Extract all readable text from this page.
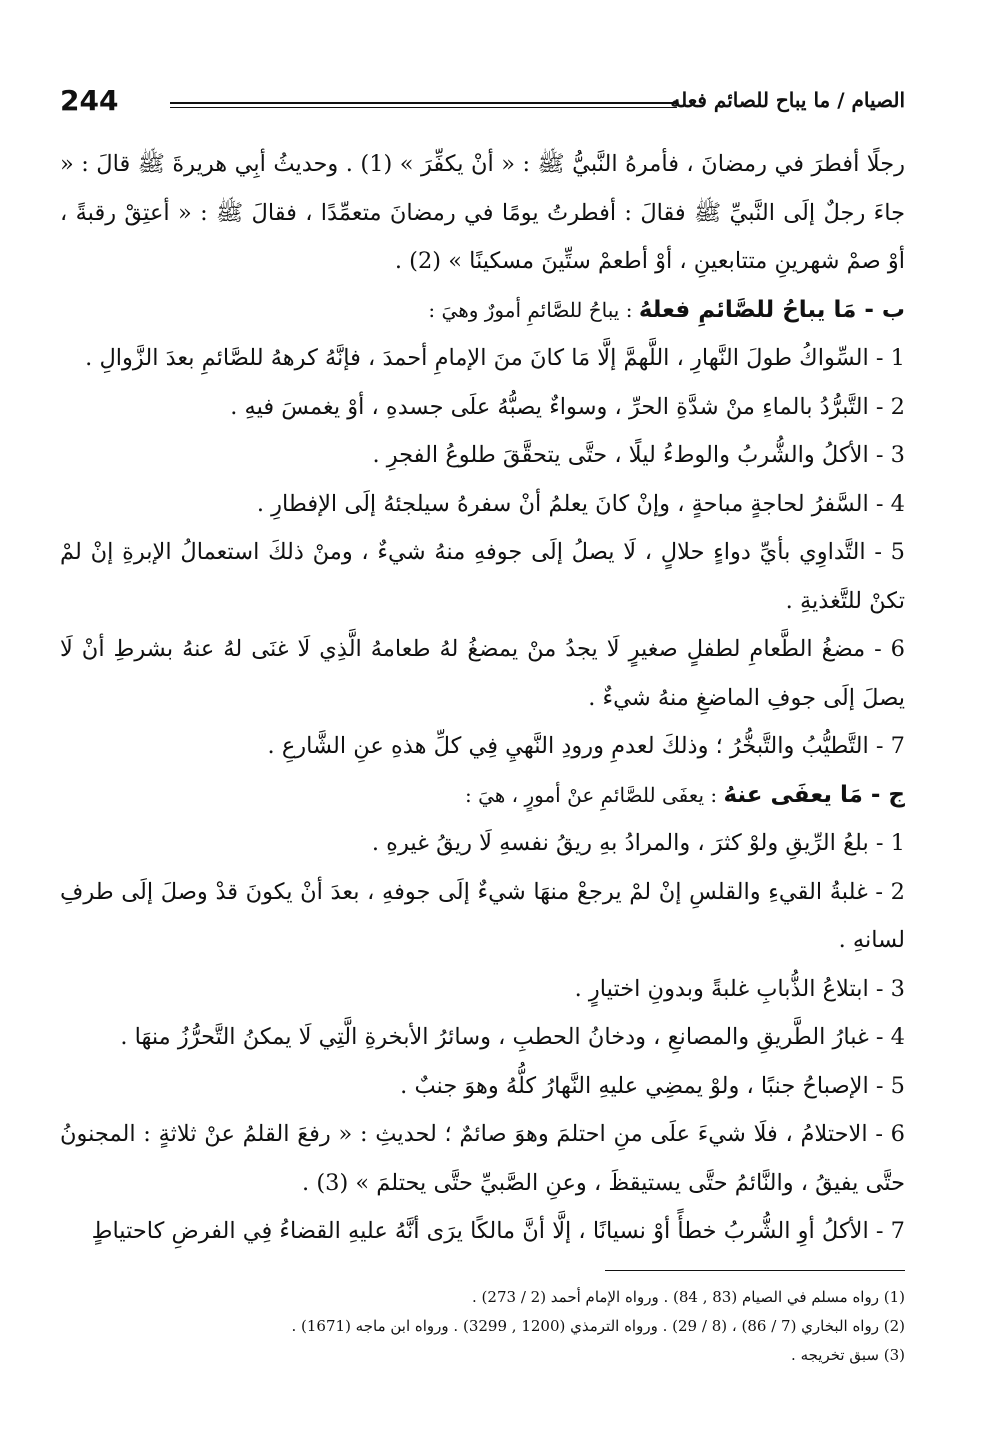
244	الصيام / ما يباح للصائم فعله

رجلًا أفطرَ في رمضانَ ، فأمرهُ النَّبيُّ ﷺ : « أنْ يكفِّرَ » (1) . وحديثُ أبِي هريرةَ ﷺ قالَ : « جاءَ رجلٌ إلَى النَّبيِّ ﷺ فقالَ : أفطرتُ يومًا في رمضانَ متعمِّدًا ، فقالَ ﷺ : « أعتِقْ رقبةً ، أوْ صمْ شهرينِ متتابعينِ ، أوْ أطعمْ ستِّينَ مسكينًا » (2) .

ب - مَا يباحُ للصَّائمِ فعلهُ : يباحُ للصَّائمِ أمورٌ وهيَ :

1 - السِّواكُ طولَ النَّهارِ ، اللَّهمَّ إلَّا مَا كانَ منَ الإمامِ أحمدَ ، فإنَّهُ كرههُ للصَّائمِ بعدَ الزَّوالِ .

2 - التَّبرُّدُ بالماءِ منْ شدَّةِ الحرِّ ، وسواءٌ يصبُّهُ علَى جسدهِ ، أوْ يغمسَ فيهِ .

3 - الأكلُ والشُّربُ والوطءُ ليلًا ، حتَّى يتحقَّقَ طلوعُ الفجرِ .

4 - السَّفرُ لحاجةٍ مباحةٍ ، وإنْ كانَ يعلمُ أنْ سفرهُ سيلجئهُ إلَى الإفطارِ .

5 - التَّداوِي بأيِّ دواءٍ حلالٍ ، لَا يصلُ إلَى جوفهِ منهُ شيءٌ ، ومنْ ذلكَ استعمالُ الإبرةِ إنْ لمْ تكنْ للتَّغذيةِ .

6 - مضغُ الطَّعامِ لطفلٍ صغيرٍ لَا يجدُ منْ يمضغُ لهُ طعامهُ الَّذِي لَا غنَى لهُ عنهُ بشرطِ أنْ لَا يصلَ إلَى جوفِ الماضغِ منهُ شيءٌ .

7 - التَّطيُّبُ والتَّبخُّرُ ؛ وذلكَ لعدمِ ورودِ النَّهيِ فِي كلِّ هذهِ عنِ الشَّارعِ .

ج - مَا يعفَى عنهُ : يعفَى للصَّائمِ عنْ أمورٍ ، هيَ :

1 - بلعُ الرِّيقِ ولوْ كثرَ ، والمرادُ بهِ ريقُ نفسهِ لَا ريقُ غيرهِ .

2 - غلبةُ القيءِ والقلسِ إنْ لمْ يرجعْ منهَا شيءٌ إلَى جوفهِ ، بعدَ أنْ يكونَ قدْ وصلَ إلَى طرفِ لسانهِ .

3 - ابتلاعُ الذُّبابِ غلبةً وبدونِ اختيارٍ .

4 - غبارُ الطَّريقِ والمصانعِ ، ودخانُ الحطبِ ، وسائرُ الأبخرةِ الَّتِي لَا يمكنُ التَّحرُّزُ منهَا .

5 - الإصباحُ جنبًا ، ولوْ يمضِي عليهِ النَّهارُ كلُّهُ وهوَ جنبٌ .

6 - الاحتلامُ ، فلَا شيءَ علَى منِ احتلمَ وهوَ صائمٌ ؛ لحديثِ : « رفعَ القلمُ عنْ ثلاثةٍ : المجنونُ حتَّى يفيقُ ، والنَّائمُ حتَّى يستيقظَ ، وعنِ الصَّبيِّ حتَّى يحتلمَ » (3) .

7 - الأكلُ أوِ الشُّربُ خطأً أوْ نسيانًا ، إلَّا أنَّ مالكًا يرَى أنَّهُ عليهِ القضاءُ فِي الفرضِ كاحتياطٍ

(1) رواه مسلم في الصيام (83 , 84) . ورواه الإمام أحمد (2 / 273) .
(2) رواه البخاري (7 / 86) ، (8 / 29) . ورواه الترمذي (1200 , 3299) . ورواه ابن ماجه (1671) .
(3) سبق تخريجه .
